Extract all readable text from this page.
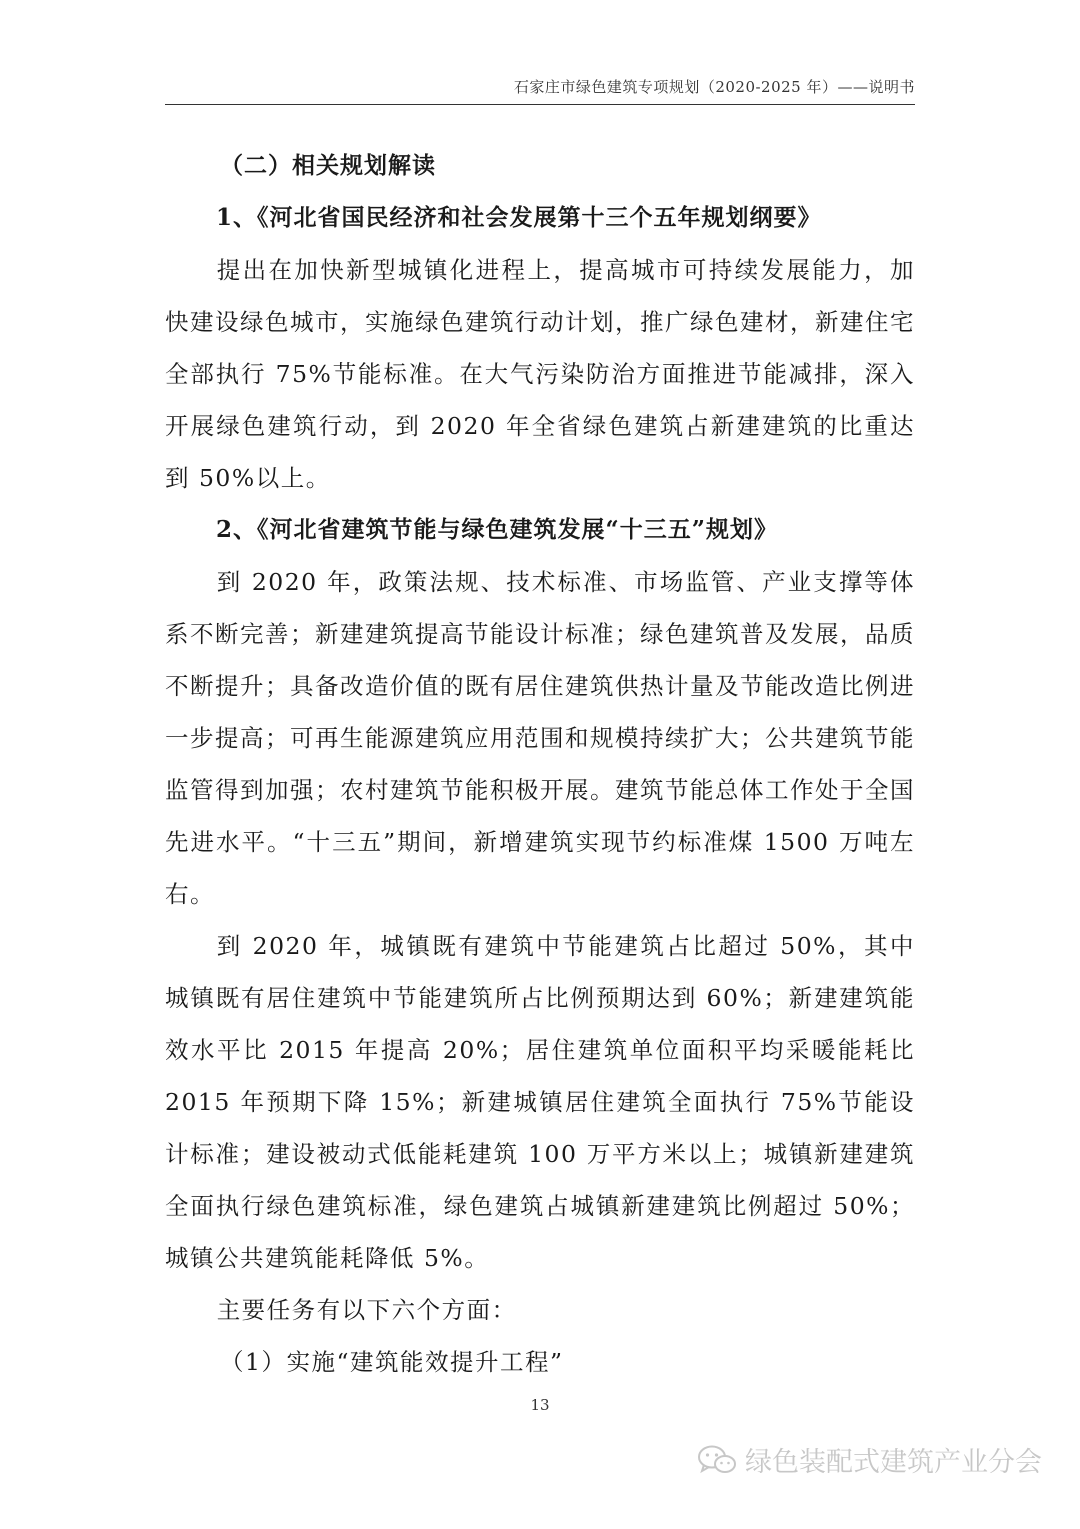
石家庄市绿色建筑专项规划（2020-2025 年）——说明书

（二）相关规划解读

1、《河北省国民经济和社会发展第十三个五年规划纲要》

提出在加快新型城镇化进程上，提高城市可持续发展能力，加快建设绿色城市，实施绿色建筑行动计划，推广绿色建材，新建住宅全部执行 75%节能标准。在大气污染防治方面推进节能减排，深入开展绿色建筑行动，到 2020 年全省绿色建筑占新建建筑的比重达到 50%以上。

2、《河北省建筑节能与绿色建筑发展“十三五”规划》

到 2020 年，政策法规、技术标准、市场监管、产业支撑等体系不断完善；新建建筑提高节能设计标准；绿色建筑普及发展，品质不断提升；具备改造价值的既有居住建筑供热计量及节能改造比例进一步提高；可再生能源建筑应用范围和规模持续扩大；公共建筑节能监管得到加强；农村建筑节能积极开展。建筑节能总体工作处于全国先进水平。“十三五”期间，新增建筑实现节约标准煤 1500 万吨左右。

到 2020 年，城镇既有建筑中节能建筑占比超过 50%，其中城镇既有居住建筑中节能建筑所占比例预期达到 60%；新建建筑能效水平比 2015 年提高 20%；居住建筑单位面积平均采暖能耗比 2015 年预期下降 15%；新建城镇居住建筑全面执行 75%节能设计标准；建设被动式低能耗建筑 100 万平方米以上；城镇新建建筑全面执行绿色建筑标准，绿色建筑占城镇新建建筑比例超过 50%；城镇公共建筑能耗降低 5%。

主要任务有以下六个方面：

（1）实施“建筑能效提升工程”

13
绿色装配式建筑产业分会
